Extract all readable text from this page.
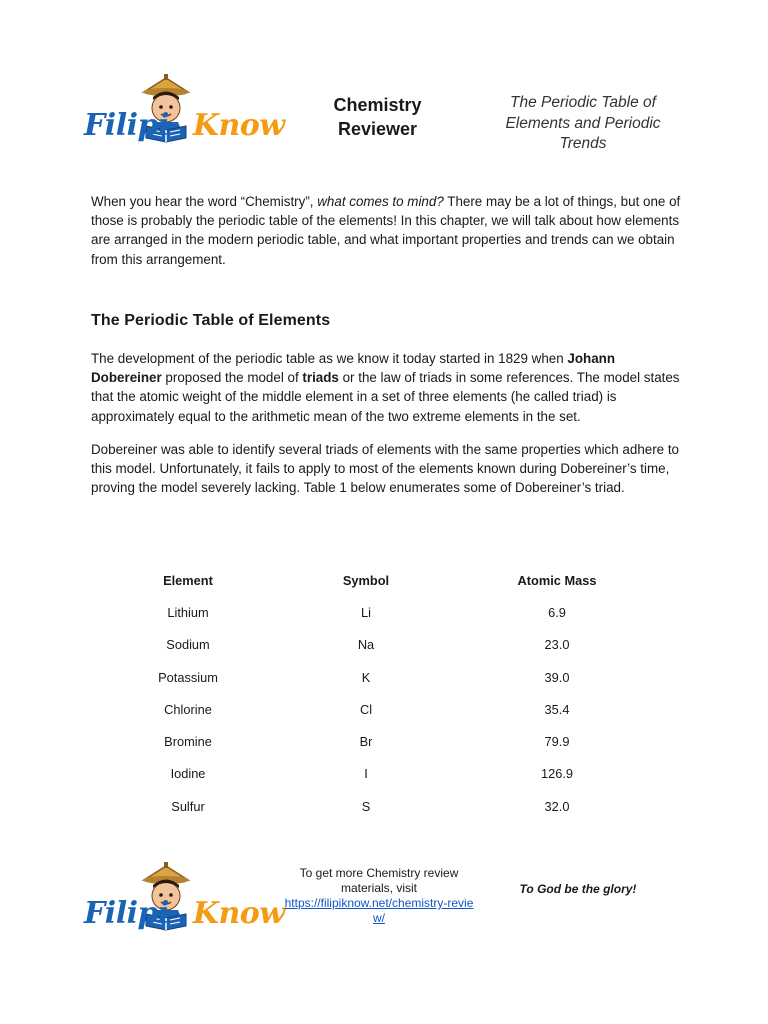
Filipi Know
Chemistry
Reviewer
The Periodic Table of
Elements and Periodic
Trends

When you hear the word “Chemistry”, what comes to mind? There may be a lot of things, but one of those is probably the periodic table of the elements! In this chapter, we will talk about how elements are arranged in the modern periodic table, and what important properties and trends can we obtain from this arrangement.

The Periodic Table of Elements

The development of the periodic table as we know it today started in 1829 when Johann Dobereiner proposed the model of triads or the law of triads in some references. The model states that the atomic weight of the middle element in a set of three elements (he called triad) is approximately equal to the arithmetic mean of the two extreme elements in the set.

Dobereiner was able to identify several triads of elements with the same properties which adhere to this model. Unfortunately, it fails to apply to most of the elements known during Dobereiner’s time, proving the model severely lacking. Table 1 below enumerates some of Dobereiner’s triad.

Element	Symbol	Atomic Mass
Lithium	Li	6.9
Sodium	Na	23.0
Potassium	K	39.0
Chlorine	Cl	35.4
Bromine	Br	79.9
Iodine	I	126.9
Sulfur	S	32.0
Filipi Know
To get more Chemistry review
materials, visit
https://filipiknow.net/chemistry-review/
To God be the glory!
